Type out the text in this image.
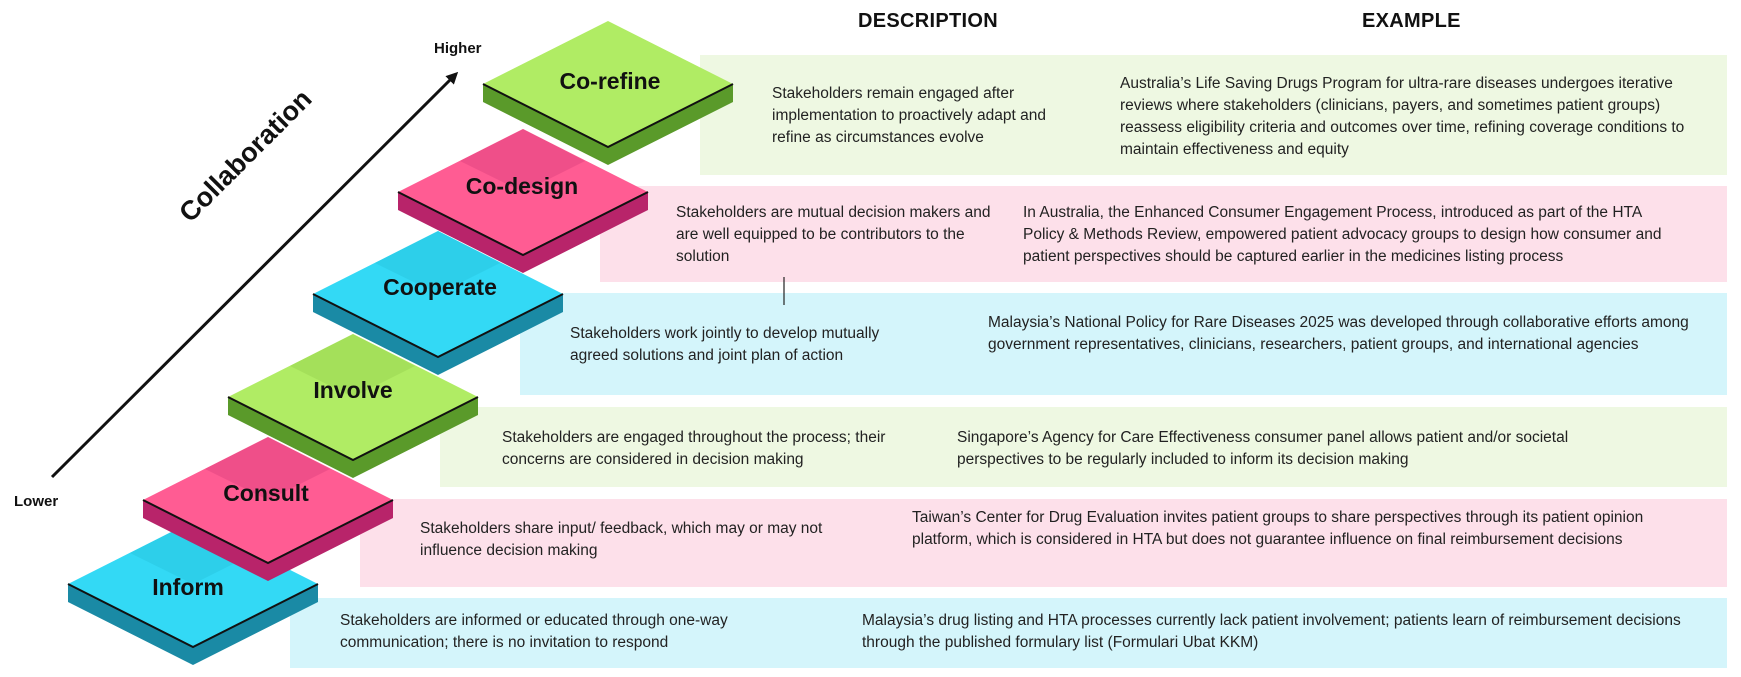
DESCRIPTION	EXAMPLE
Higher
Lower
Collaboration
Inform
Consult
Involve
Cooperate
Co-design
Co-refine	Stakeholders remain engaged after implementation to proactively adapt and refine as circumstances evolve
Australia’s Life Saving Drugs Program for ultra-rare diseases undergoes iterative reviews where stakeholders (clinicians, payers, and sometimes patient groups) reassess eligibility criteria and outcomes over time, refining coverage conditions to maintain effectiveness and equity
Stakeholders are mutual decision makers and are well equipped to be contributors to the solution
In Australia, the Enhanced Consumer Engagement Process, introduced as part of the HTA Policy & Methods Review, empowered patient advocacy groups to design how consumer and patient perspectives should be captured earlier in the medicines listing process
Stakeholders work jointly to develop mutually agreed solutions and joint plan of action
Malaysia’s National Policy for Rare Diseases 2025 was developed through collaborative efforts among government representatives, clinicians, researchers, patient groups, and international agencies
Stakeholders are engaged throughout the process; their concerns are considered in decision making
Singapore’s Agency for Care Effectiveness consumer panel allows patient and/or societal perspectives to be regularly included to inform its decision making
Stakeholders share input/ feedback, which may or may not influence decision making
Taiwan’s Center for Drug Evaluation invites patient groups to share perspectives through its patient opinion platform, which is considered in HTA but does not guarantee influence on final reimbursement decisions
Stakeholders are informed or educated through one-way communication; there is no invitation to respond
Malaysia’s drug listing and HTA processes currently lack patient involvement; patients learn of reimbursement decisions through the published formulary list (Formulari Ubat KKM)
